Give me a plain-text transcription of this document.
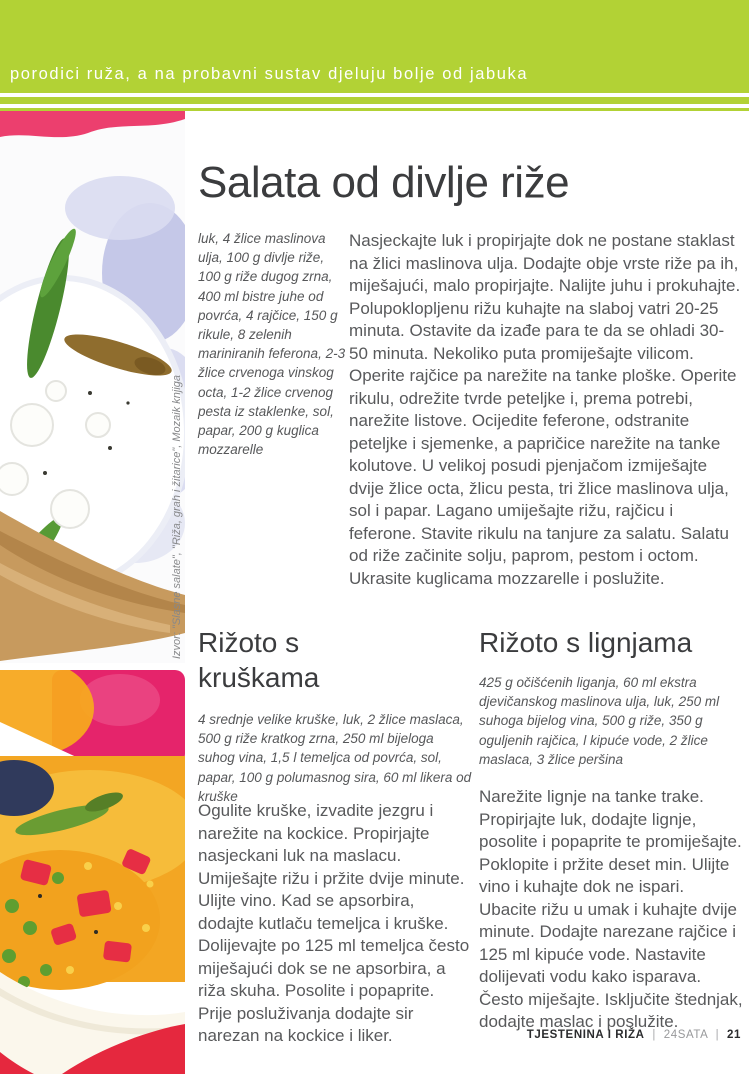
porodici ruža, a na probavni sustav djeluju bolje od jabuka
Izvor: "Slasne salate", "Riža, grah i žitarice", Mozaik knjiga
Salata od divlje riže
luk, 4 žlice maslinova ulja, 100 g divlje riže, 100 g riže dugog zrna, 400 ml bistre juhe od povrća, 4 rajčice, 150 g rikule, 8 zelenih mariniranih feferona, 2-3 žlice crvenoga vinskog octa, 1-2 žlice crvenog pesta iz staklenke, sol, papar, 200 g kuglica mozzarelle
Nasjeckajte luk i propirjajte dok ne postane staklast na žlici maslinova ulja. Dodajte obje vrste riže pa ih, miješajući, malo propirjajte. Nalijte juhu i prokuhajte. Polupoklopljenu rižu kuhajte na slaboj vatri 20-25 minuta. Ostavite da izađe para te da se ohladi 30-50 minuta. Nekoliko puta promiješajte vilicom. Operite rajčice pa narežite na tanke ploške. Operite rikulu, odrežite tvrde peteljke i, prema potrebi, narežite listove. Ocijedite feferone, odstranite peteljke i sjemenke, a papričice narežite na tanke kolutove. U velikoj posudi pjenjačom izmiješajte dvije žlice octa, žlicu pesta, tri žlice maslinova ulja, sol i papar. Lagano umiješajte rižu, rajčicu i feferone. Stavite rikulu na tanjure za salatu. Salatu od riže začinite solju, paprom, pestom i octom. Ukrasite kuglicama mozzarelle i poslužite.
Rižoto s kruškama
4 srednje velike kruške, luk, 2 žlice maslaca, 500 g riže kratkog zrna, 250 ml bijeloga suhog vina, 1,5 l temeljca od povrća, sol, papar, 100 g polumasnog sira, 60 ml likera od kruške
Ogulite kruške, izvadite jezgru i narežite na kockice. Propirjajte nasjeckani luk na maslacu. Umiješajte rižu i pržite dvije minute. Ulijte vino. Kad se apsorbira, dodajte kutlaču temeljca i kruške. Dolijevajte po 125 ml temeljca često miješajući dok se ne apsorbira, a riža skuha. Posolite i popaprite. Prije posluživanja dodajte sir narezan na kockice i liker.
Rižoto s lignjama
425 g očišćenih liganja, 60 ml ekstra djevičanskog maslinova ulja, luk, 250 ml suhoga bijelog vina, 500 g riže, 350 g oguljenih rajčica, l kipuće vode, 2 žlice maslaca, 3 žlice peršina
Narežite lignje na tanke trake. Propirjajte luk, dodajte lignje, posolite i popaprite te promiješajte. Poklopite i pržite deset min. Ulijte vino i kuhajte dok ne ispari. Ubacite rižu u umak i kuhajte dvije minute. Dodajte narezane rajčice i 125 ml kipuće vode. Nastavite dolijevati vodu kako isparava. Često miješajte. Isključite štednjak, dodajte maslac i poslužite.
TJESTENINA I RIŽA | 24SATA | 21
